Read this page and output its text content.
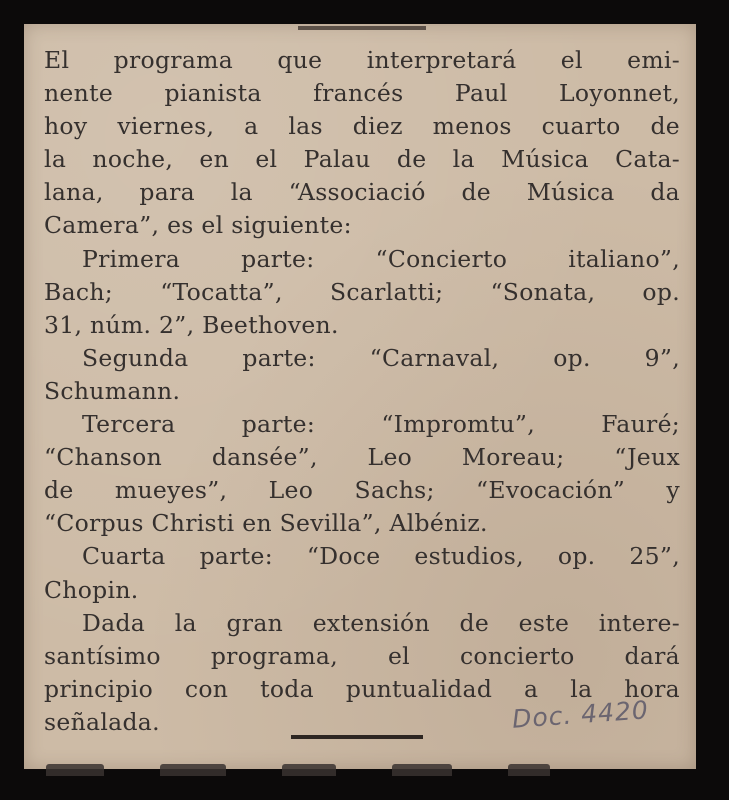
El programa que interpretará el emi-
nente pianista francés Paul Loyonnet,
hoy viernes, a las diez menos cuarto de
la noche, en el Palau de la Música Cata-
lana, para la “Associació de Música da
Camera”, es el siguiente:
Primera parte: “Concierto italiano”,
Bach; “Tocatta”, Scarlatti; “Sonata, op.
31, núm. 2”, Beethoven.
Segunda parte: “Carnaval, op. 9”,
Schumann.
Tercera parte: “Impromtu”, Fauré;
“Chanson dansée”, Leo Moreau; “Jeux
de mueyes”, Leo Sachs; “Evocación” y
“Corpus Christi en Sevilla”, Albéniz.
Cuarta parte: “Doce estudios, op. 25”,
Chopin.
Dada la gran extensión de este intere-
santísimo programa, el concierto dará
principio con toda puntualidad a la hora
señalada.	Doc. 4420
